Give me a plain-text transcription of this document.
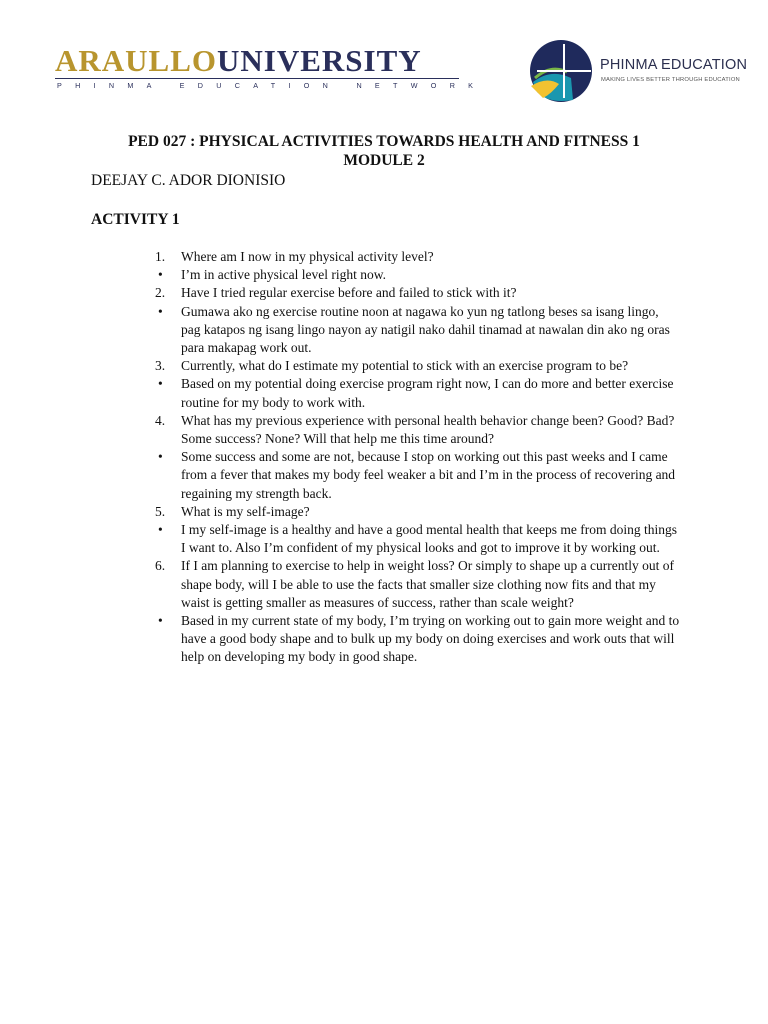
ARAULLOUNIVERSITY
PHINMA EDUCATION NETWORK
PHINMA EDUCATION
MAKING LIVES BETTER THROUGH EDUCATION
PED 027 : PHYSICAL ACTIVITIES TOWARDS HEALTH AND FITNESS 1
MODULE 2
DEEJAY C. ADOR DIONISIO
ACTIVITY 1
1.	Where am I now in my physical activity level?
•	I’m in active physical level right now.
2.	Have I tried regular exercise before and failed to stick with it?
•	Gumawa ako ng exercise routine noon at nagawa ko yun ng tatlong beses sa isang lingo, pag katapos ng isang lingo nayon ay natigil nako dahil tinamad at nawalan din ako ng oras para makapag work out.
3.	Currently, what do I estimate my potential to stick with an exercise program to be?
•	Based on my potential doing exercise program right now, I can do more and better exercise routine for my body to work with.
4.	What has my previous experience with personal health behavior change been? Good? Bad? Some success? None? Will that help me this time around?
•	Some success and some are not, because I stop on working out this past weeks and I came from a fever that makes my body feel weaker a bit and I’m in the process of recovering and regaining my strength back.
5.	What is my self-image?
•	I my self-image is a healthy and have a good mental health that keeps me from doing things I want to. Also I’m confident of my physical looks and got to improve it by working out.
6.	If I am planning to exercise to help in weight loss? Or simply to shape up a currently out of shape body, will I be able to use the facts that smaller size clothing now fits and that my waist is getting smaller as measures of success, rather than scale weight?
•	Based in my current state of my body, I’m trying on working out to gain more weight and to have a good body shape and to bulk up my body on doing exercises and work outs that will help on developing my body in good shape.
